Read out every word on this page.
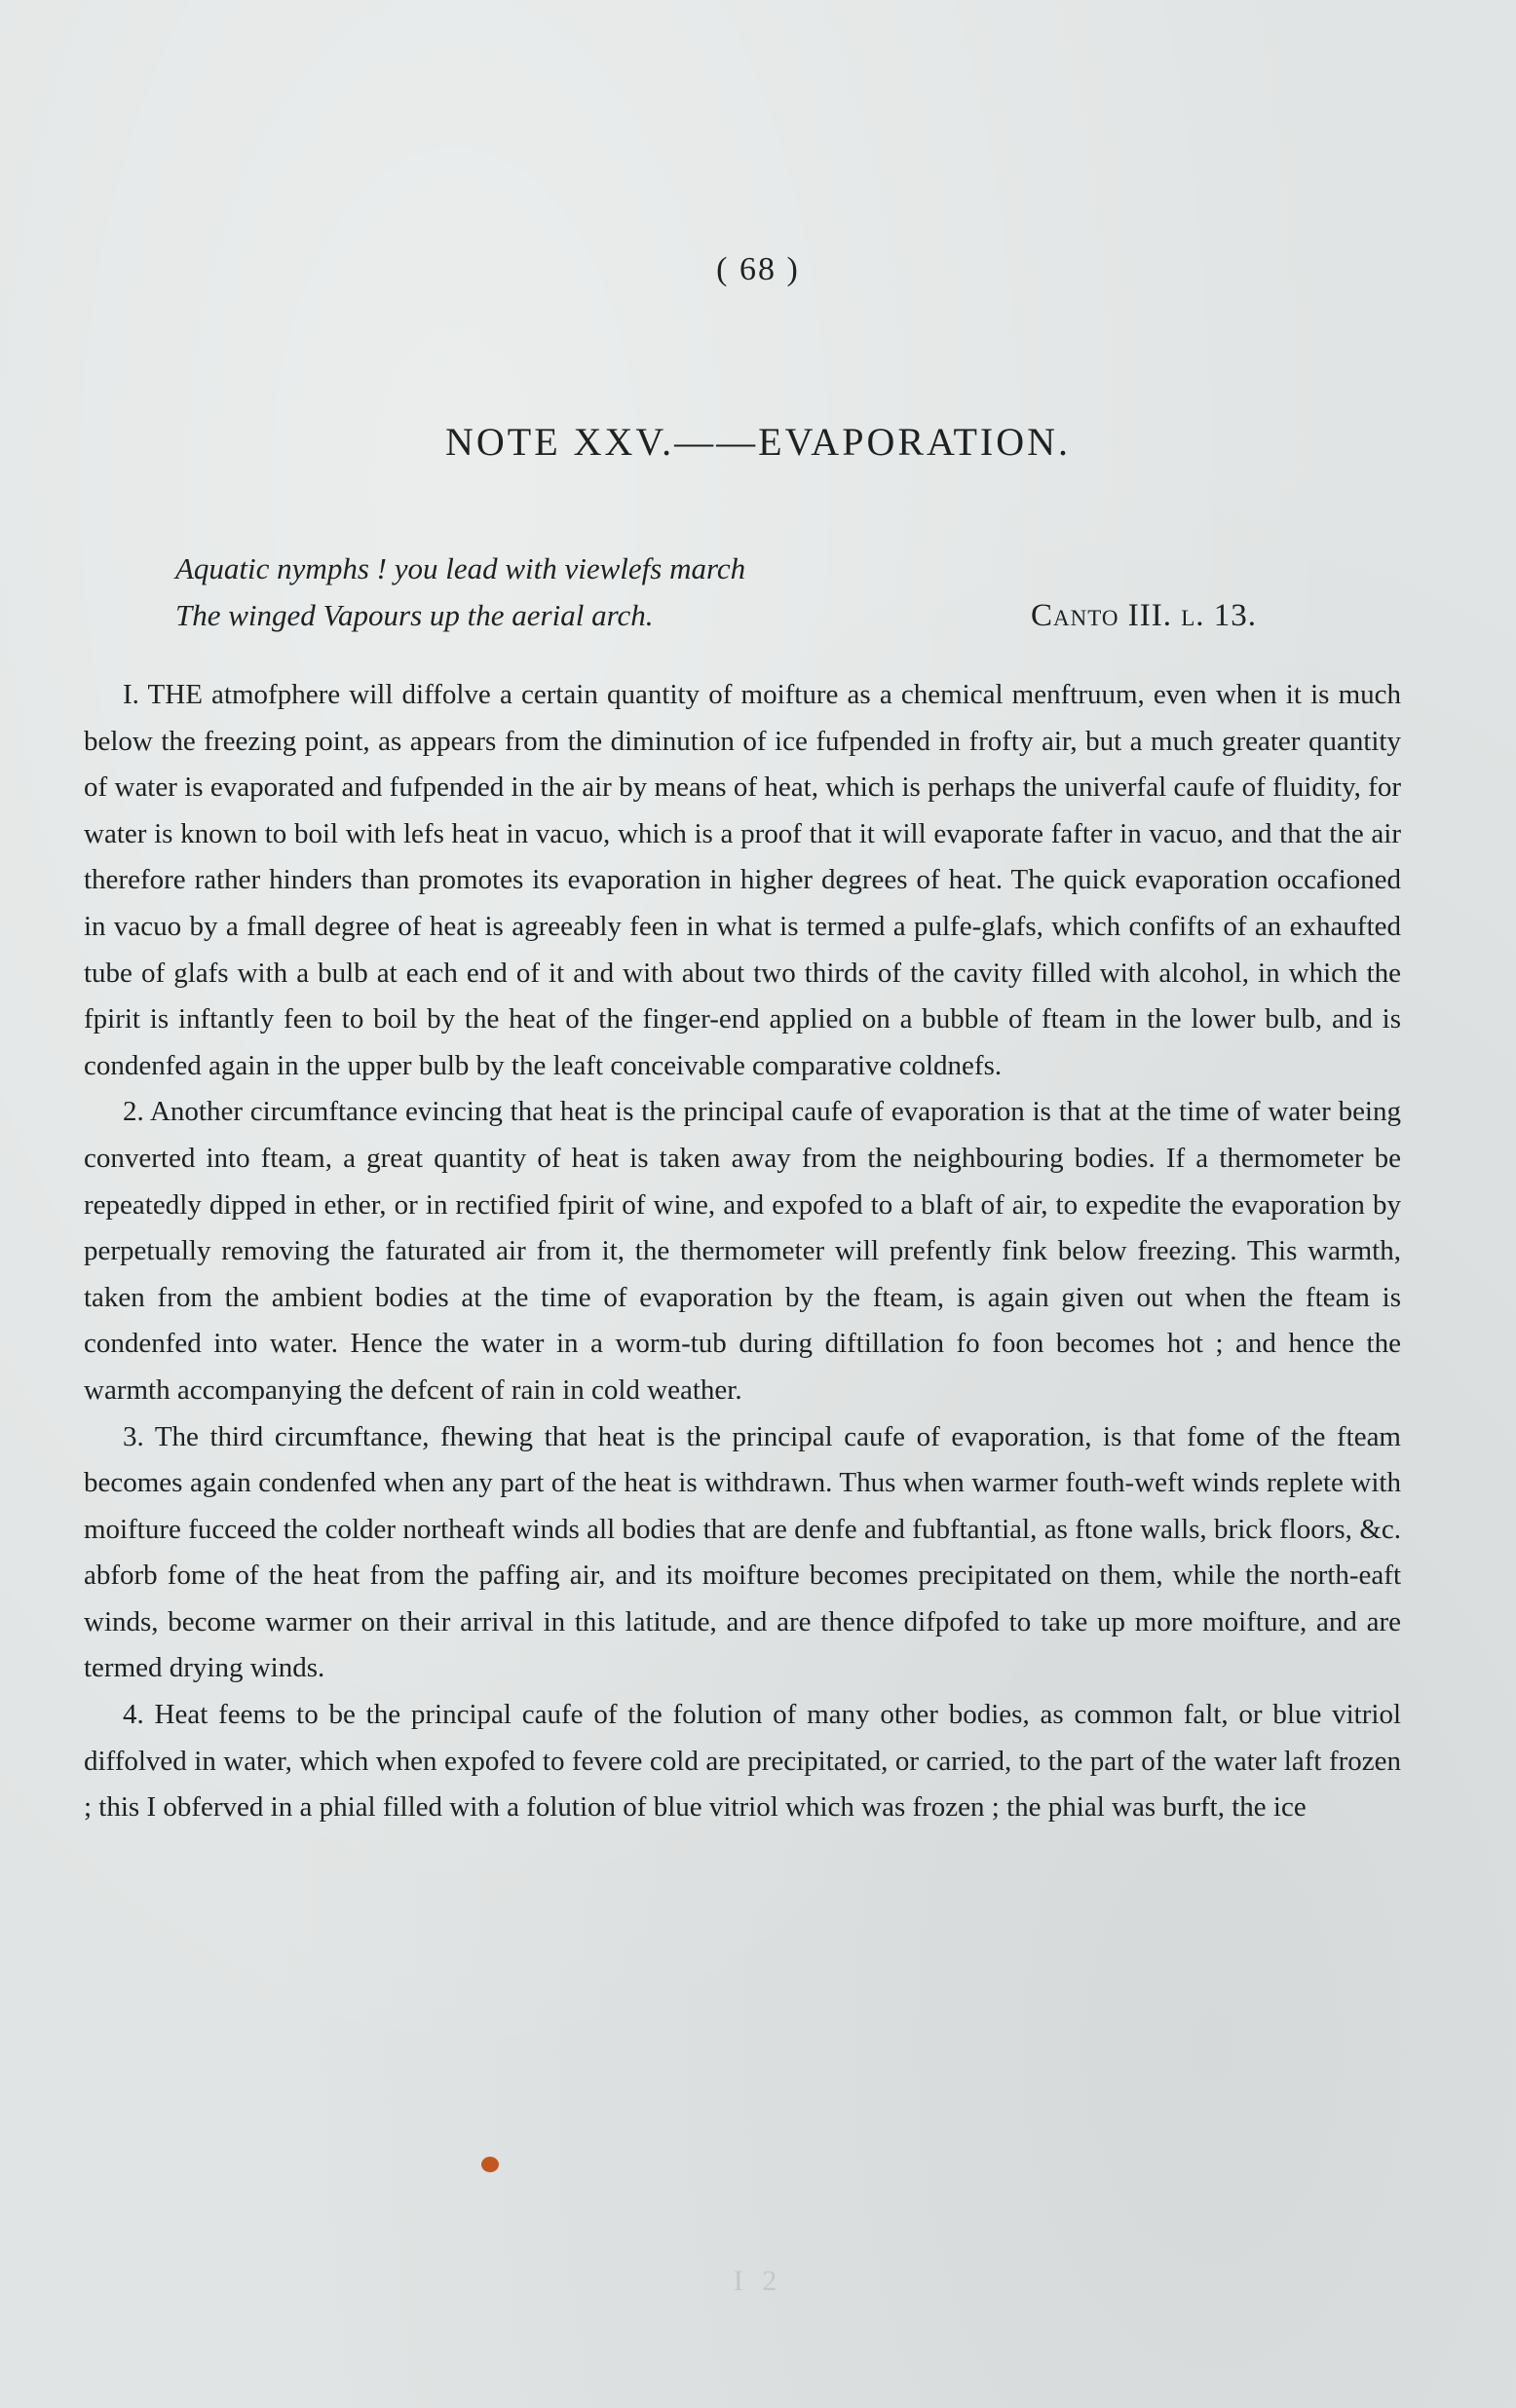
( 68 )
NOTE XXV.——EVAPORATION.
Aquatic nymphs ! you lead with viewlefs march
The winged Vapours up the aerial arch.	Canto III. l. 13.

I. THE atmofphere will diffolve a certain quantity of moifture as a chemical menftruum, even when it is much below the freezing point, as appears from the diminution of ice fufpended in frofty air, but a much greater quantity of water is evaporated and fufpended in the air by means of heat, which is perhaps the univerfal caufe of fluidity, for water is known to boil with lefs heat in vacuo, which is a proof that it will evaporate fafter in vacuo, and that the air therefore rather hinders than promotes its evaporation in higher degrees of heat. The quick evaporation occafioned in vacuo by a fmall degree of heat is agreeably feen in what is termed a pulfe-glafs, which confifts of an exhaufted tube of glafs with a bulb at each end of it and with about two thirds of the cavity filled with alcohol, in which the fpirit is inftantly feen to boil by the heat of the finger-end applied on a bubble of fteam in the lower bulb, and is condenfed again in the upper bulb by the leaft conceivable comparative coldnefs.

2. Another circumftance evincing that heat is the principal caufe of evaporation is that at the time of water being converted into fteam, a great quantity of heat is taken away from the neighbouring bodies. If a thermometer be repeatedly dipped in ether, or in rectified fpirit of wine, and expofed to a blaft of air, to expedite the evaporation by perpetually removing the faturated air from it, the thermometer will prefently fink below freezing. This warmth, taken from the ambient bodies at the time of evaporation by the fteam, is again given out when the fteam is condenfed into water. Hence the water in a worm-tub during diftillation fo foon becomes hot ; and hence the warmth accompanying the defcent of rain in cold weather.

3. The third circumftance, fhewing that heat is the principal caufe of evaporation, is that fome of the fteam becomes again condenfed when any part of the heat is withdrawn. Thus when warmer fouth-weft winds replete with moifture fucceed the colder northeaft winds all bodies that are denfe and fubftantial, as ftone walls, brick floors, &c. abforb fome of the heat from the paffing air, and its moifture becomes precipitated on them, while the north-eaft winds, become warmer on their arrival in this latitude, and are thence difpofed to take up more moifture, and are termed drying winds.

4. Heat feems to be the principal caufe of the folution of many other bodies, as common falt, or blue vitriol diffolved in water, which when expofed to fevere cold are precipitated, or carried, to the part of the water laft frozen ; this I obferved in a phial filled with a folution of blue vitriol which was frozen ; the phial was burft, the ice

I 2
